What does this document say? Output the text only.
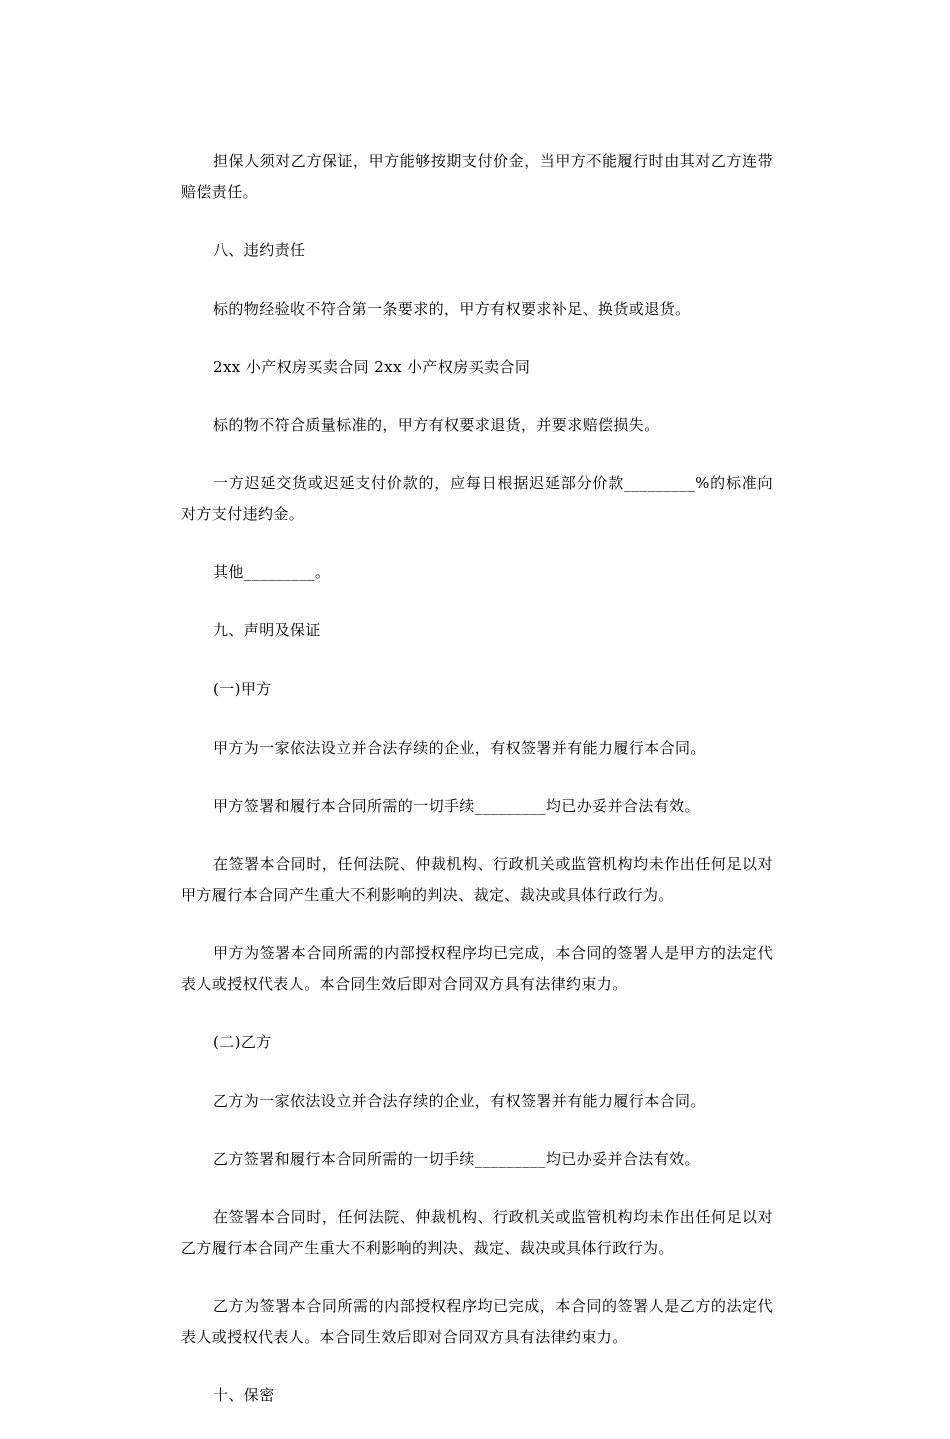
担保人须对乙方保证，甲方能够按期支付价金，当甲方不能履行时由其对乙方连带赔偿责任。

八、违约责任

标的物经验收不符合第一条要求的，甲方有权要求补足、换货或退货。

2xx 小产权房买卖合同 2xx 小产权房买卖合同

标的物不符合质量标准的，甲方有权要求退货，并要求赔偿损失。

一方迟延交货或迟延支付价款的，应每日根据迟延部分价款_________%的标准向对方支付违约金。

其他_________。

九、声明及保证

(一)甲方

甲方为一家依法设立并合法存续的企业，有权签署并有能力履行本合同。

甲方签署和履行本合同所需的一切手续_________均已办妥并合法有效。

在签署本合同时，任何法院、仲裁机构、行政机关或监管机构均未作出任何足以对甲方履行本合同产生重大不利影响的判决、裁定、裁决或具体行政行为。

甲方为签署本合同所需的内部授权程序均已完成，本合同的签署人是甲方的法定代表人或授权代表人。本合同生效后即对合同双方具有法律约束力。

(二)乙方

乙方为一家依法设立并合法存续的企业，有权签署并有能力履行本合同。

乙方签署和履行本合同所需的一切手续_________均已办妥并合法有效。

在签署本合同时，任何法院、仲裁机构、行政机关或监管机构均未作出任何足以对乙方履行本合同产生重大不利影响的判决、裁定、裁决或具体行政行为。

乙方为签署本合同所需的内部授权程序均已完成，本合同的签署人是乙方的法定代表人或授权代表人。本合同生效后即对合同双方具有法律约束力。

十、保密
